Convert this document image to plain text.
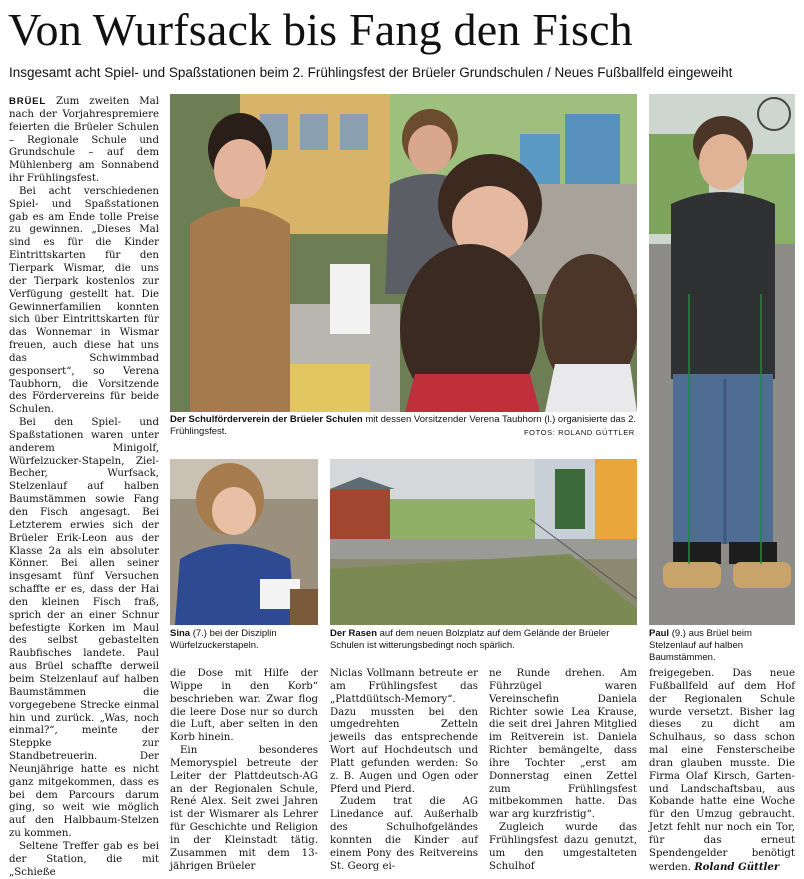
Von Wurfsack bis Fang den Fisch
Insgesamt acht Spiel- und Spaßstationen beim 2. Frühlingsfest der Brüeler Grundschulen / Neues Fußballfeld eingeweiht

BRÜEL Zum zweiten Mal nach der Vorjahrespremiere feierten die Brüeler Schulen – Regionale Schule und Grundschule – auf dem Mühlenberg am Sonnabend ihr Frühlingsfest.

Bei acht verschiedenen Spiel- und Spaßstationen gab es am Ende tolle Preise zu gewinnen. „Dieses Mal sind es für die Kinder Eintrittskarten für den Tierpark Wismar, die uns der Tierpark kostenlos zur Verfügung gestellt hat. Die Gewinnerfamilien konnten sich über Eintrittskarten für das Wonnemar in Wismar freuen, auch diese hat uns das Schwimmbad gesponsert“, so Verena Taubhorn, die Vorsitzende des Fördervereins für beide Schulen.

Bei den Spiel- und Spaßstationen waren unter anderem Minigolf, Würfelzucker-Stapeln, Ziel-Becher, Wurfsack, Stelzenlauf auf halben Baumstämmen sowie Fang den Fisch angesagt. Bei Letzterem erwies sich der Brüeler Erik-Leon aus der Klasse 2a als ein absoluter Könner. Bei allen seiner insgesamt fünf Versuchen schaffte er es, dass der Hai den kleinen Fisch fraß, sprich der an einer Schnur befestigte Korken im Maul des selbst gebastelten Raubfisches landete. Paul aus Brüel schaffte derweil beim Stelzenlauf auf halben Baumstämmen die vorgegebene Strecke einmal hin und zurück. „Was, noch einmal?“, meinte der Steppke zur Standbetreuerin. Der Neunjährige hatte es nicht ganz mitgekommen, dass es bei dem Parcours darum ging, so weit wie möglich auf den Halbbaum-Stelzen zu kommen.

Seltene Treffer gab es bei der Station, die mit „Schieße

Der Schulförderverein der Brüeler Schulen mit dessen Vorsitzender Verena Taubhorn (l.) organisierte das 2. Frühlingsfest.	FOTOS: ROLAND GÜTTLER
Paul (9.) aus Brüel beim Stelzenlauf auf halben Baumstämmen.
Sina (7.) bei der Disziplin Würfelzuckerstapeln.
Der Rasen auf dem neuen Bolzplatz auf dem Gelände der Brüeler Schulen ist witterungsbedingt noch spärlich.

die Dose mit Hilfe der Wippe in den Korb“ beschrieben war. Zwar flog die leere Dose nur so durch die Luft, aber selten in den Korb hinein.

Ein besonderes Memoryspiel betreute der Leiter der Plattdeutsch-AG an der Regionalen Schule, René Alex. Seit zwei Jahren ist der Wismarer als Lehrer für Geschichte und Religion in der Kleinstadt tätig. Zusammen mit dem 13-jährigen Brüeler

Niclas Vollmann betreute er am Frühlingsfest das „Plattdüütsch-Memory“. Dazu mussten bei den umgedrehten Zetteln jeweils das entsprechende Wort auf Hochdeutsch und Platt gefunden werden: So z. B. Augen und Ogen oder Pferd und Pierd.

Zudem trat die AG Linedance auf. Außerhalb des Schulhofgeländes konnten die Kinder auf einem Pony des Reitvereins St. Georg ei-

ne Runde drehen. Am Führzügel waren Vereinschefin Daniela Richter sowie Lea Krause, die seit drei Jahren Mitglied im Reitverein ist. Daniela Richter bemängelte, dass ihre Tochter „erst am Donnerstag einen Zettel zum Frühlingsfest mitbekommen hatte. Das war arg kurzfristig“.

Zugleich wurde das Frühlingsfest dazu genutzt, um den umgestalteten Schulhof

freigegeben. Das neue Fußballfeld auf dem Hof der Regionalen Schule wurde versetzt. Bisher lag dieses zu dicht am Schulhaus, so dass schon mal eine Fensterscheibe dran glauben musste. Die Firma Olaf Kirsch, Garten- und Landschaftsbau, aus Kobande hatte eine Woche für den Umzug gebraucht. Jetzt fehlt nur noch ein Tor, für das erneut Spendengelder benötigt werden. Roland Güttler
